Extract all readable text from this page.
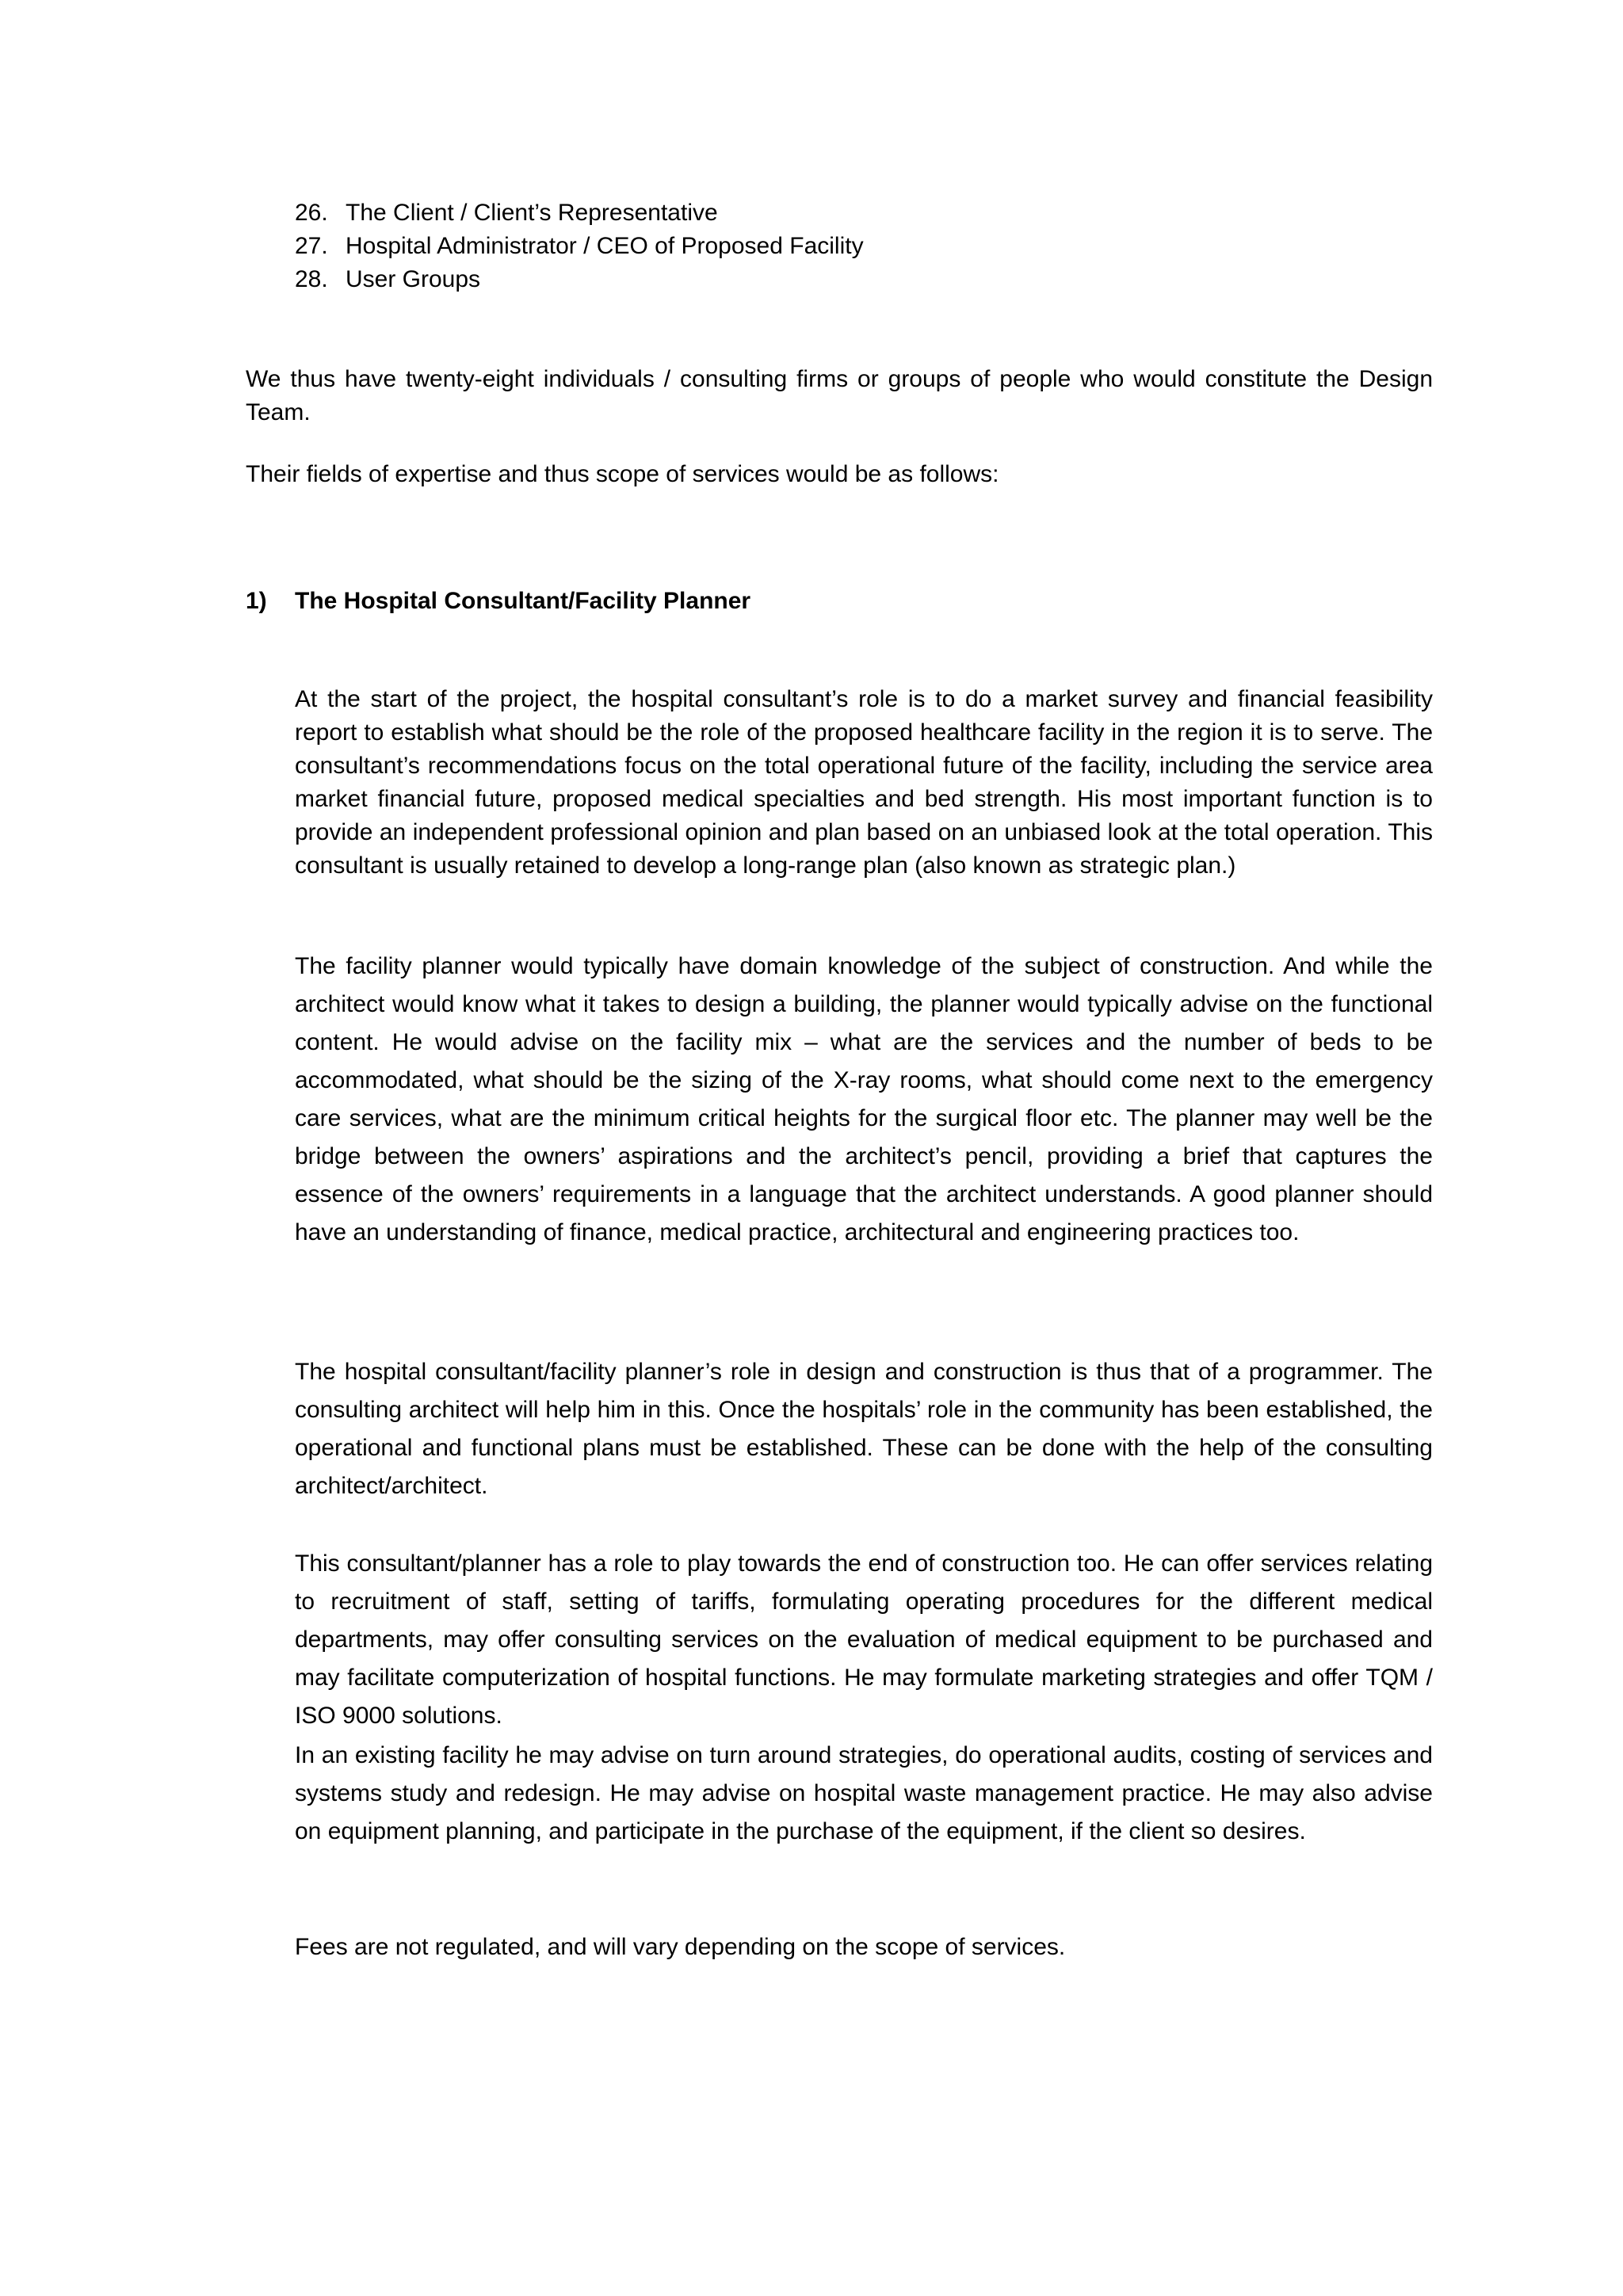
26. The Client / Client’s Representative
27. Hospital Administrator / CEO of Proposed Facility
28. User Groups

We thus have twenty-eight individuals / consulting firms or groups of people who would constitute the Design Team.

Their fields of expertise and thus scope of services would be as follows:

1)	The Hospital Consultant/Facility Planner

At the start of the project, the hospital consultant’s role is to do a market survey and financial feasibility report to establish what should be the role of the proposed healthcare facility in the region it is to serve. The consultant’s recommendations focus on the total operational future of the facility, including the service area market financial future, proposed medical specialties and bed strength. His most important function is to provide an independent professional opinion and plan based on an unbiased look at the total operation. This consultant is usually retained to develop a long-range plan (also known as strategic plan.)

The facility planner would typically have domain knowledge of the subject of construction. And while the architect would know what it takes to design a building, the planner would typically advise on the functional content. He would advise on the facility mix – what are the services and the number of beds to be accommodated, what should be the sizing of the X-ray rooms, what should come next to the emergency care services, what are the minimum critical heights for the surgical floor etc. The planner may well be the bridge between the owners’ aspirations and the architect’s pencil, providing a brief that captures the essence of the owners’ requirements in a language that the architect understands. A good planner should have an understanding of finance, medical practice, architectural and engineering practices too.

The hospital consultant/facility planner’s role in design and construction is thus that of a programmer. The consulting architect will help him in this. Once the hospitals’ role in the community has been established, the operational and functional plans must be established. These can be done with the help of the consulting architect/architect.

This consultant/planner has a role to play towards the end of construction too. He can offer services relating to recruitment of staff, setting of tariffs, formulating operating procedures for the different medical departments, may offer consulting services on the evaluation of medical equipment to be purchased and may facilitate computerization of hospital functions. He may formulate marketing strategies and offer TQM / ISO 9000 solutions.

In an existing facility he may advise on turn around strategies, do operational audits, costing of services and systems study and redesign. He may advise on hospital waste management practice. He may also advise on equipment planning, and participate in the purchase of the equipment, if the client so desires.

Fees are not regulated, and will vary depending on the scope of services.
